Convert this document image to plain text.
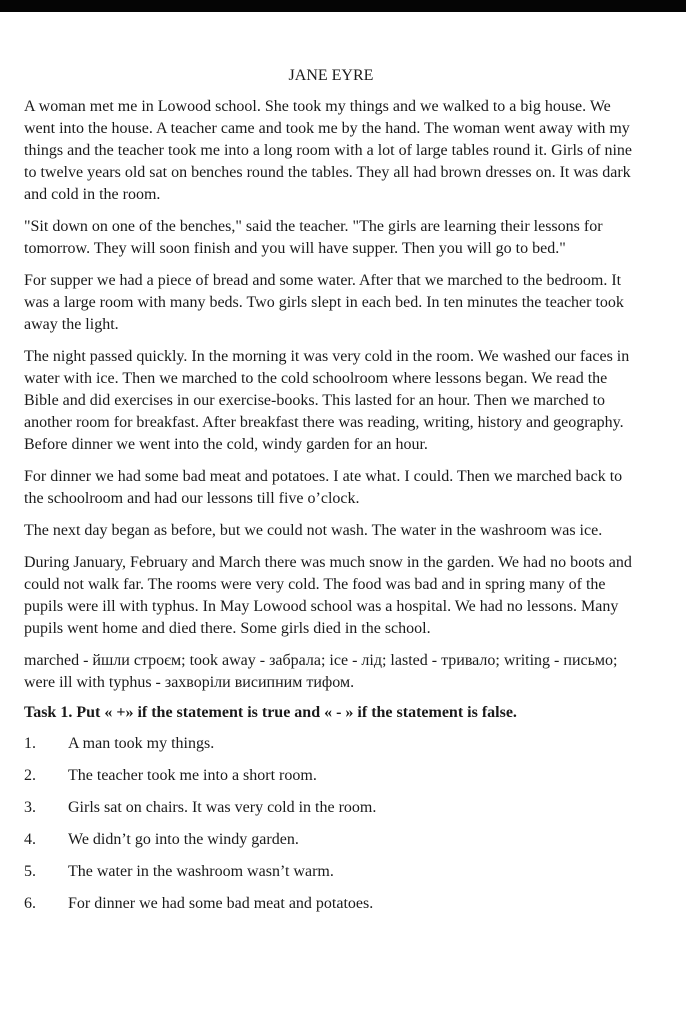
JANE EYRE

A woman met me in Lowood school. She took my things and we walked to a big house. We went into the house. A teacher came and took me by the hand. The woman went away with my things and the teacher took me into a long room with a lot of large tables round it. Girls of nine to twelve years old sat on benches round the tables. They all had brown dresses on. It was dark and cold in the room.

"Sit down on one of the benches," said the teacher. "The girls are learning their lessons for tomorrow. They will soon finish and you will have supper. Then you will go to bed."

For supper we had a piece of bread and some water. After that we marched to the bedroom. It was a large room with many beds. Two girls slept in each bed. In ten minutes the teacher took away the light.

The night passed quickly. In the morning it was very cold in the room. We washed our faces in water with ice. Then we marched to the cold schoolroom where lessons began. We read the Bible and did exercises in our exercise-books. This lasted for an hour. Then we marched to another room for breakfast. After breakfast there was reading, writing, history and geography. Before dinner we went into the cold, windy garden for an hour.

For dinner we had some bad meat and potatoes. I ate what. I could. Then we marched back to the schoolroom and had our lessons till five o’clock.

The next day began as before, but we could not wash. The water in the washroom was ice.

During January, February and March there was much snow in the garden. We had no boots and could not walk far. The rooms were very cold. The food was bad and in spring many of the pupils were ill with typhus. In May Lowood school was a hospital. We had no lessons. Many pupils went home and died there. Some girls died in the school.

marched - йшли строєм; took away - забрала; ice - лід; lasted - тривало; writing - письмо; were ill with typhus - захворіли висипним тифом.

Task 1. Put « +» if the statement is true and « - » if the statement is false.

1.	A man took my things.
2.	The teacher took me into a short room.
3.	Girls sat on chairs. It was very cold in the room.
4.	We didn’t go into the windy garden.
5.	The water in the washroom wasn’t warm.
6.	For dinner we had some bad meat and potatoes.
